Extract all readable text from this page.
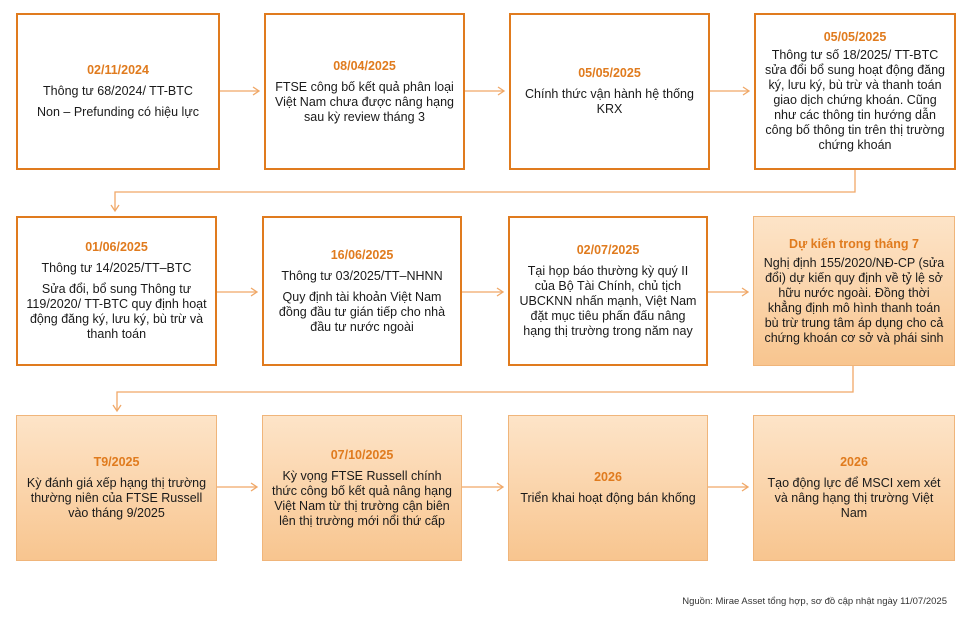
02/11/2024
Thông tư 68/2024/ TT-BTC
Non – Prefunding có hiệu lực
08/04/2025
FTSE công bố kết quả phân loại Việt Nam chưa được nâng hạng sau kỳ review tháng 3
05/05/2025
Chính thức vận hành hệ thống KRX
05/05/2025
Thông tư số 18/2025/ TT-BTC sửa đổi bổ sung hoạt động đăng ký, lưu ký, bù trừ và thanh toán giao dịch chứng khoán. Cũng như các thông tin hướng dẫn công bố thông tin trên thị trường chứng khoán
01/06/2025
Thông tư 14/2025/TT–BTC
Sửa đổi, bổ sung Thông tư 119/2020/ TT-BTC quy định hoạt động đăng ký, lưu ký, bù trừ và thanh toán
16/06/2025
Thông tư 03/2025/TT–NHNN
Quy định tài khoản Việt Nam đồng đầu tư gián tiếp cho nhà đầu tư nước ngoài
02/07/2025
Tại họp báo thường kỳ quý II của Bộ Tài Chính, chủ tịch UBCKNN nhấn mạnh, Việt Nam đặt mục tiêu phấn đấu nâng hạng thị trường trong năm nay
Dự kiến trong tháng 7
Nghị định 155/2020/NĐ-CP (sửa đổi) dự kiến quy định về tỷ lệ sở hữu nước ngoài. Đồng thời khẳng định mô hình thanh toán bù trừ trung tâm áp dụng cho cả chứng khoán cơ sở và phái sinh
T9/2025
Kỳ đánh giá xếp hạng thị trường thường niên của FTSE Russell vào tháng 9/2025
07/10/2025
Kỳ vọng FTSE Russell chính thức công bố kết quả nâng hạng Việt Nam từ thị trường cận biên lên thị trường mới nổi thứ cấp
2026
Triển khai hoạt động bán khống
2026
Tạo động lực để MSCI xem xét và nâng hạng thị trường Việt Nam
Nguồn: Mirae Asset tổng hợp, sơ đồ cập nhật ngày 11/07/2025
